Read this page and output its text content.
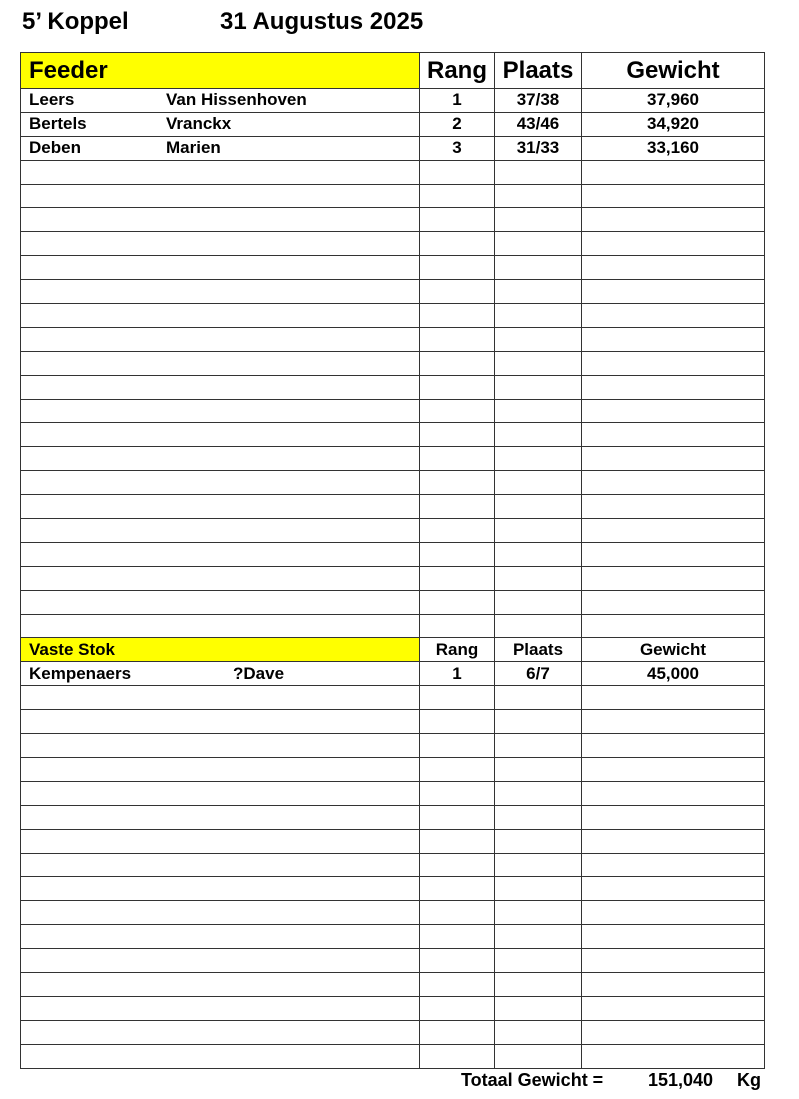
5’ Koppel

	31 Augustus 2025

Feeder	Rang	Plaats	Gewicht

Leers Van Hissenhoven	1	37/38	37,960

Bertels Vranckx	2	43/46	34,920

Deben Marien	3	31/33	33,160

Vaste Stok	Rang	Plaats	Gewicht

Kempenaers ?Dave	1	6/7	45,000

Totaal Gewicht = 151,040 Kg
